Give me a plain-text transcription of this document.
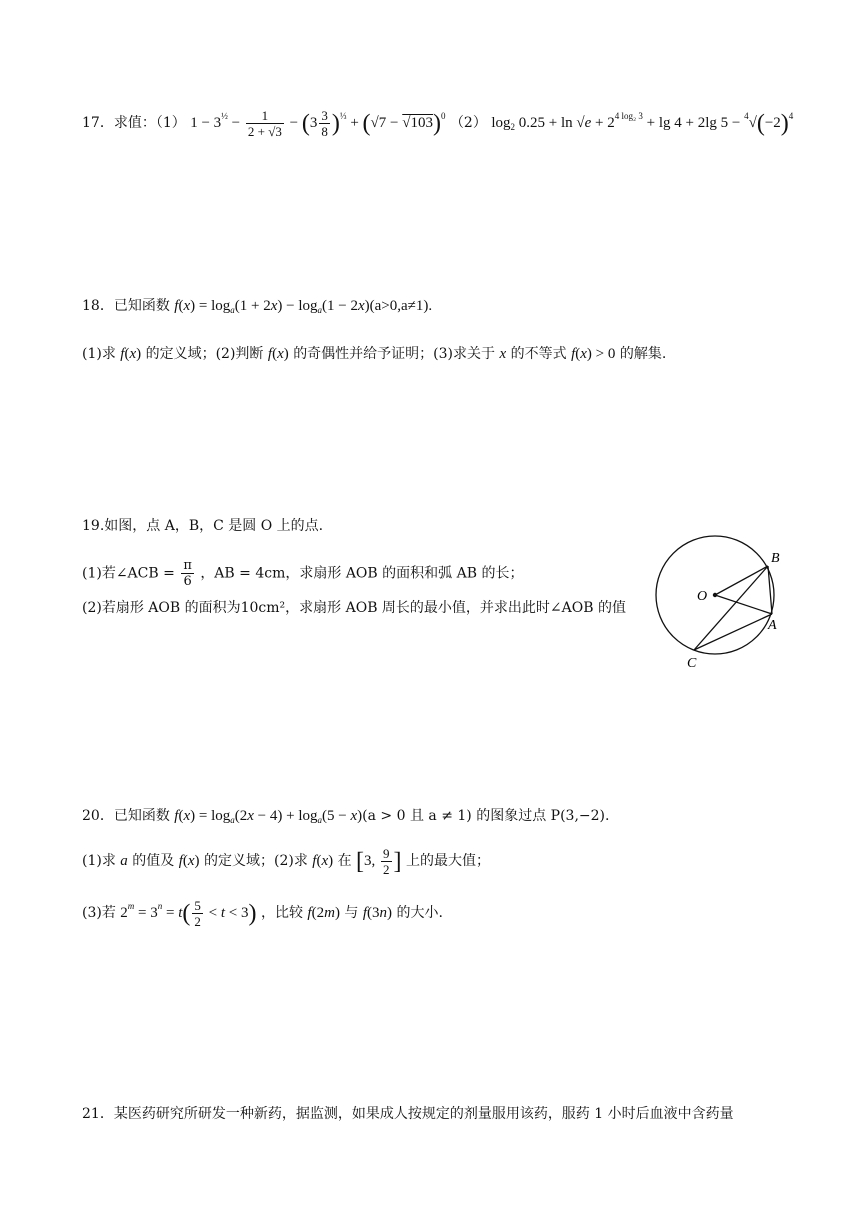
17．求值：（1） $1 - 3^{\frac{1}{2}} - \frac{1}{2 + √3} - (3 \frac{3}{8} )^{\frac{1}{3}} + (√7 - √103)^0$ （2） $\log_2 0.25 + \ln √e + 2^{4 log_2 3} + \lg 4 + 2\lg$ $5 - ^4√(-2)^4$
18．已知函数 $f(x) = \log_a(1 + 2x) - \log_a(1 - 2x)(a>0,a\ne 1)$.
(1)求 f(x) 的定义域；(2)判断 f(x) 的奇偶性并给予证明；(3)求关于 x 的不等式 f(x) > 0 的解集.
19.如图，点 A，B，C 是圆 O 上的点.
(1)若∠ACB = $\frac{\pi}{6}$ ，AB = 4cm，求扇形 AOB 的面积和弧 AB 的长；
(2)若扇形 AOB 的面积为10cm²，求扇形 AOB 周长的最小值，并求出此时∠AOB 的值
B
O
A
C
20．已知函数 $f(x) = \log_a(2x - 4) + \log_a(5 - x)(a > 0$ 且 a ≠ 1) 的图象过点 P(3,−2).
(1)求 a 的值及 f(x) 的定义域；(2)求 f(x) 在 [3, $\frac{9}{2}$ ] 上的最大值；
(3)若 $2^m = 3^n = t( \frac{5}{2} < t < 3)$ ，比较 f(2m) 与 f(3n) 的大小.
21．某医药研究所研发一种新药，据监测，如果成人按规定的剂量服用该药，服药 1 小时后血液中含药量
